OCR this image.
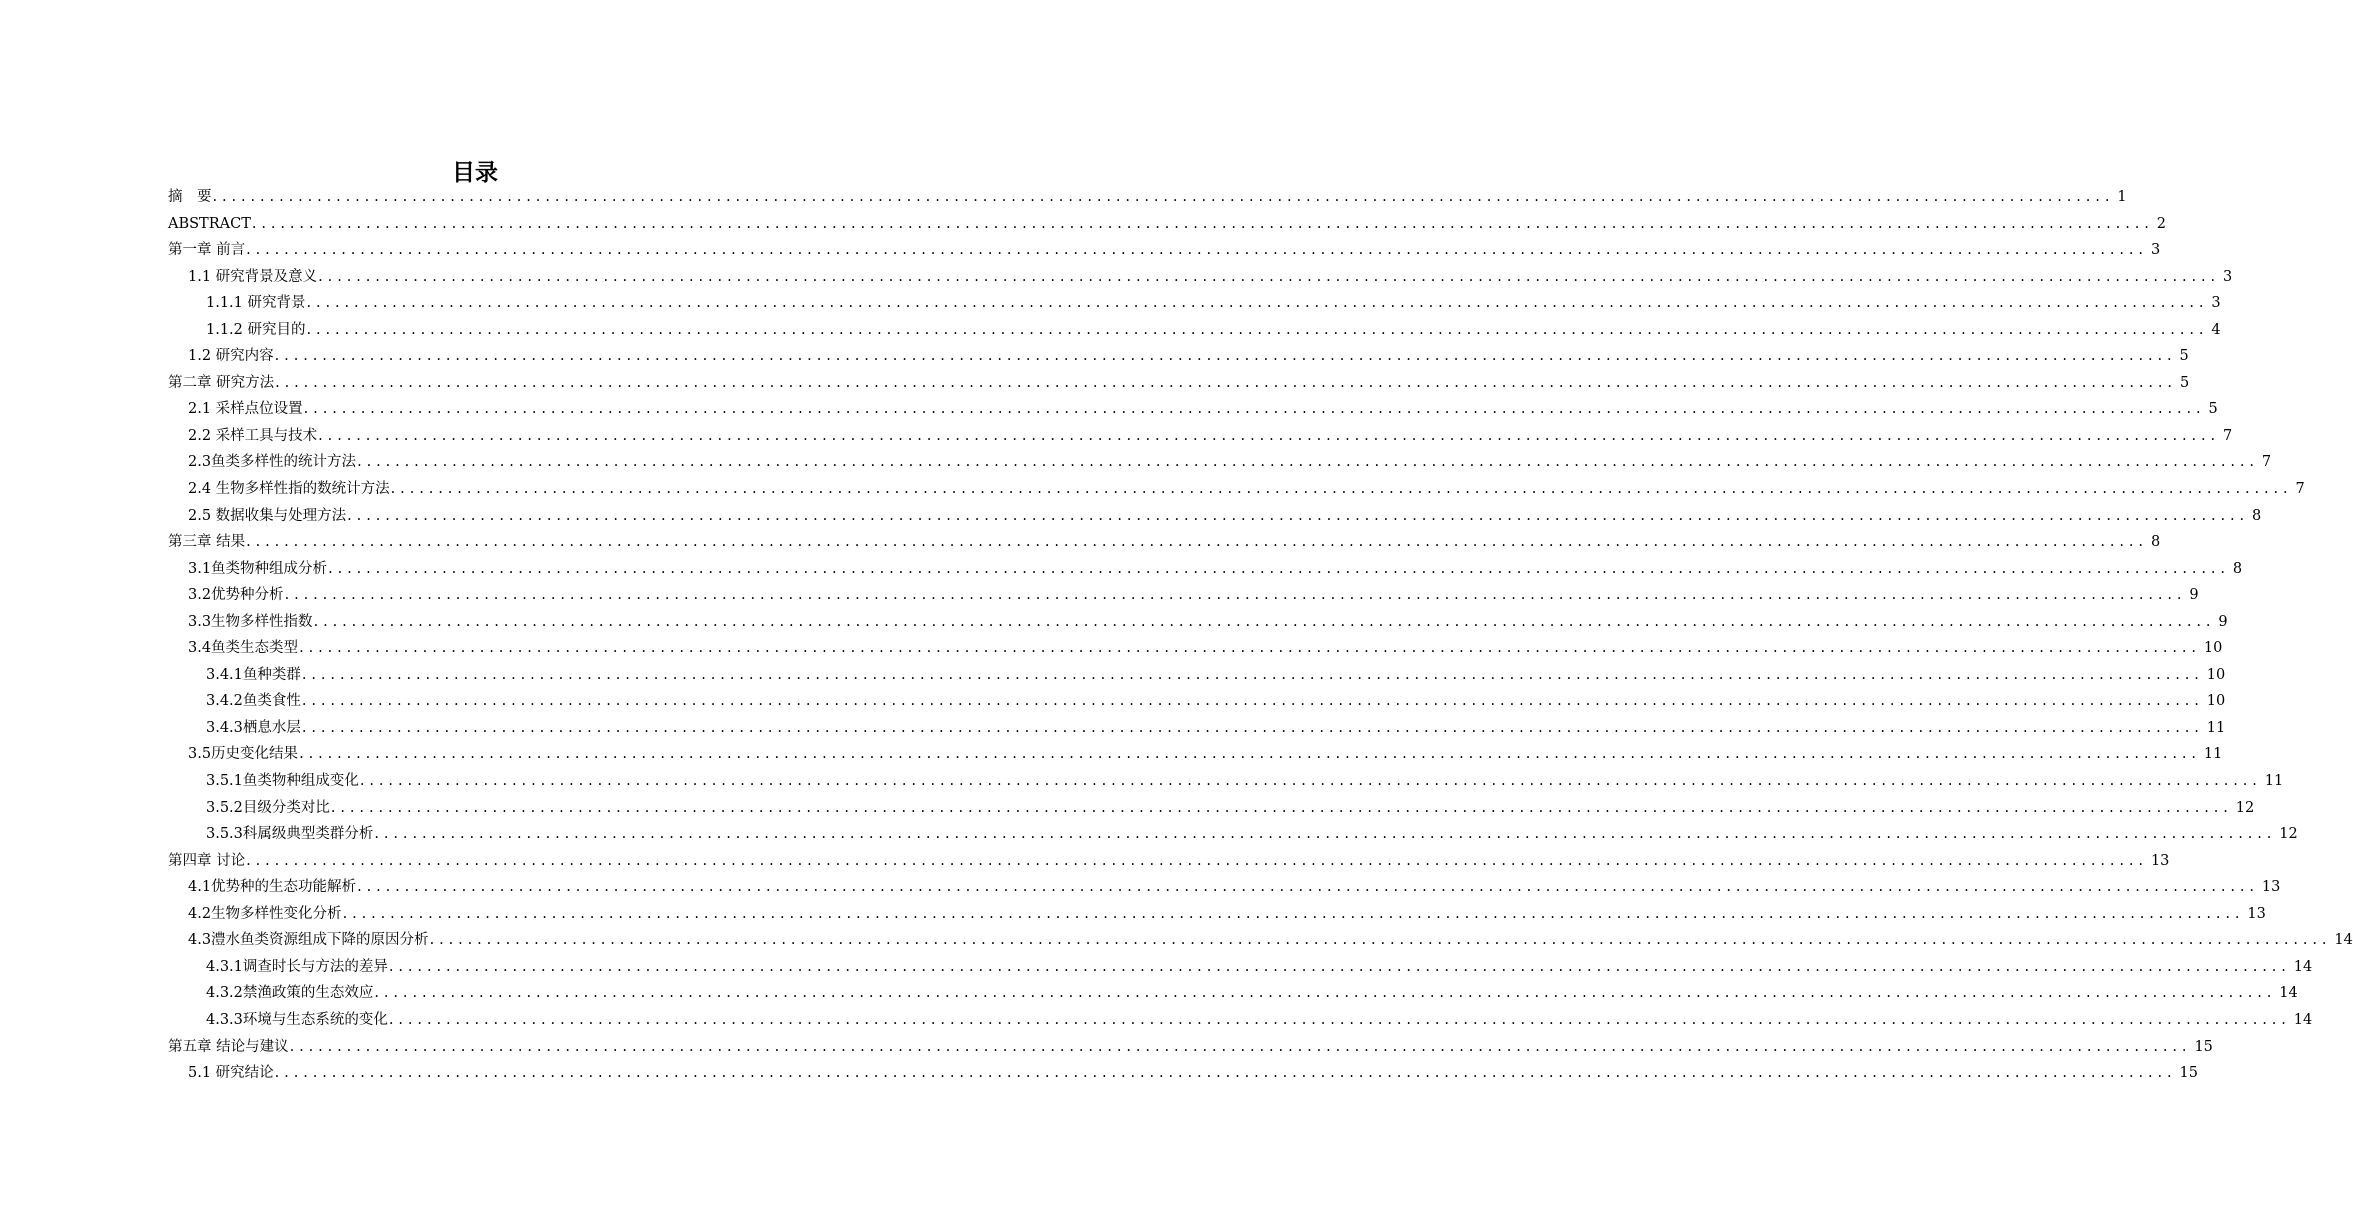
目录
摘　要 ........................................................................................................................................................................................................ 1
ABSTRACT ........................................................................................................................................................................................................ 2
第一章 前言 ........................................................................................................................................................................................................ 3
1.1 研究背景及意义 ........................................................................................................................................................................................................ 3
1.1.1 研究背景 ........................................................................................................................................................................................................ 3
1.1.2 研究目的 ........................................................................................................................................................................................................ 4
1.2 研究内容 ........................................................................................................................................................................................................ 5
第二章 研究方法 ........................................................................................................................................................................................................ 5
2.1 采样点位设置 ........................................................................................................................................................................................................ 5
2.2 采样工具与技术 ........................................................................................................................................................................................................ 7
2.3鱼类多样性的统计方法 ........................................................................................................................................................................................................ 7
2.4 生物多样性指的数统计方法 ........................................................................................................................................................................................................ 7
2.5 数据收集与处理方法 ........................................................................................................................................................................................................ 8
第三章 结果 ........................................................................................................................................................................................................ 8
3.1鱼类物种组成分析 ........................................................................................................................................................................................................ 8
3.2优势种分析 ........................................................................................................................................................................................................ 9
3.3生物多样性指数 ........................................................................................................................................................................................................ 9
3.4鱼类生态类型 ........................................................................................................................................................................................................ 10
3.4.1鱼种类群 ........................................................................................................................................................................................................ 10
3.4.2鱼类食性 ........................................................................................................................................................................................................ 10
3.4.3栖息水层 ........................................................................................................................................................................................................ 11
3.5历史变化结果 ........................................................................................................................................................................................................ 11
3.5.1鱼类物种组成变化 ........................................................................................................................................................................................................ 11
3.5.2目级分类对比 ........................................................................................................................................................................................................ 12
3.5.3科属级典型类群分析 ........................................................................................................................................................................................................ 12
第四章 讨论 ........................................................................................................................................................................................................ 13
4.1优势种的生态功能解析 ........................................................................................................................................................................................................ 13
4.2生物多样性变化分析 ........................................................................................................................................................................................................ 13
4.3澧水鱼类资源组成下降的原因分析 ........................................................................................................................................................................................................ 14
4.3.1调查时长与方法的差异 ........................................................................................................................................................................................................ 14
4.3.2禁渔政策的生态效应 ........................................................................................................................................................................................................ 14
4.3.3环境与生态系统的变化 ........................................................................................................................................................................................................ 14
第五章 结论与建议 ........................................................................................................................................................................................................ 15
5.1 研究结论 ........................................................................................................................................................................................................ 15
